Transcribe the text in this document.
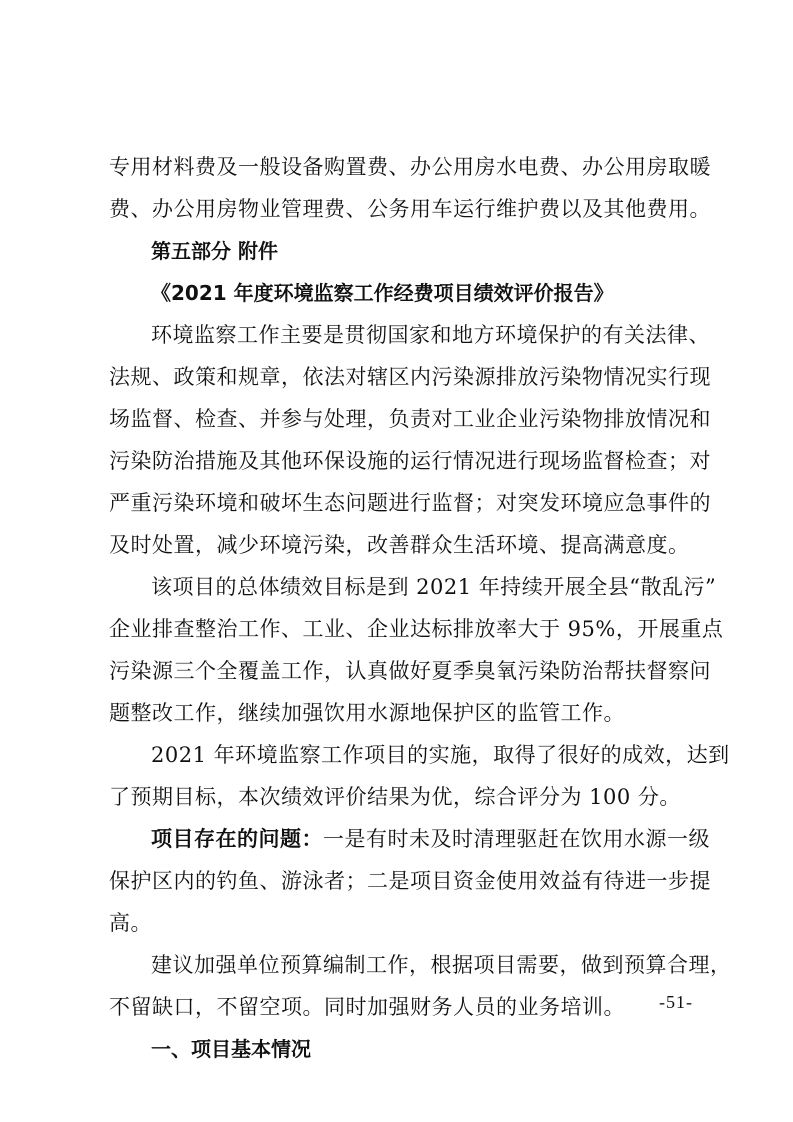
专用材料费及一般设备购置费、办公用房水电费、办公用房取暖
费、办公用房物业管理费、公务用车运行维护费以及其他费用。
第五部分 附件
《2021 年度环境监察工作经费项目绩效评价报告》
环境监察工作主要是贯彻国家和地方环境保护的有关法律、
法规、政策和规章，依法对辖区内污染源排放污染物情况实行现
场监督、检查、并参与处理，负责对工业企业污染物排放情况和
污染防治措施及其他环保设施的运行情况进行现场监督检查；对
严重污染环境和破坏生态问题进行监督；对突发环境应急事件的
及时处置，减少环境污染，改善群众生活环境、提高满意度。
该项目的总体绩效目标是到 2021 年持续开展全县“散乱污”
企业排查整治工作、工业、企业达标排放率大于 95%，开展重点
污染源三个全覆盖工作，认真做好夏季臭氧污染防治帮扶督察问
题整改工作，继续加强饮用水源地保护区的监管工作。
2021 年环境监察工作项目的实施，取得了很好的成效，达到
了预期目标，本次绩效评价结果为优，综合评分为 100 分。
项目存在的问题：一是有时未及时清理驱赶在饮用水源一级
保护区内的钓鱼、游泳者；二是项目资金使用效益有待进一步提
高。
建议加强单位预算编制工作，根据项目需要，做到预算合理，
不留缺口，不留空项。同时加强财务人员的业务培训。
一、项目基本情况
-51-
